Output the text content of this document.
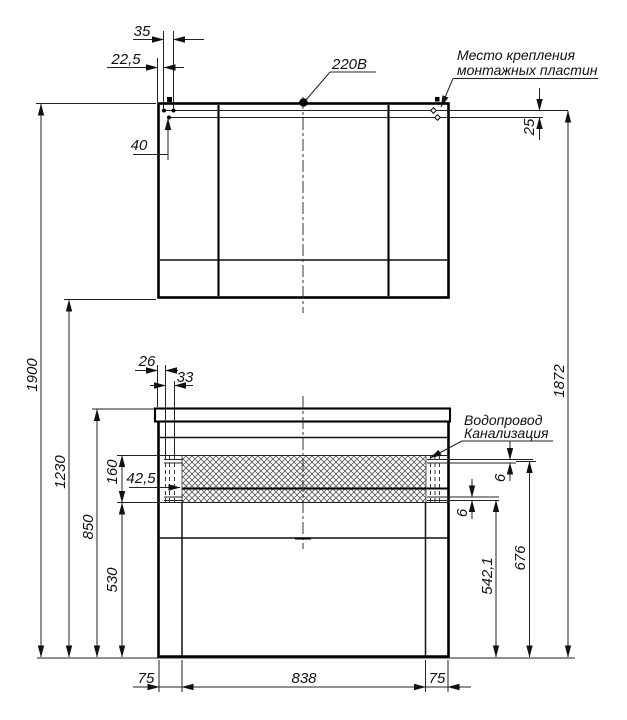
35
22,5
40
25
1872
1900
1230
850
160
530
42,5
26
33
6
6
676
542,1
75	838	75
220В
Место крепления
монтажных пластин
Водопровод
Канализация
